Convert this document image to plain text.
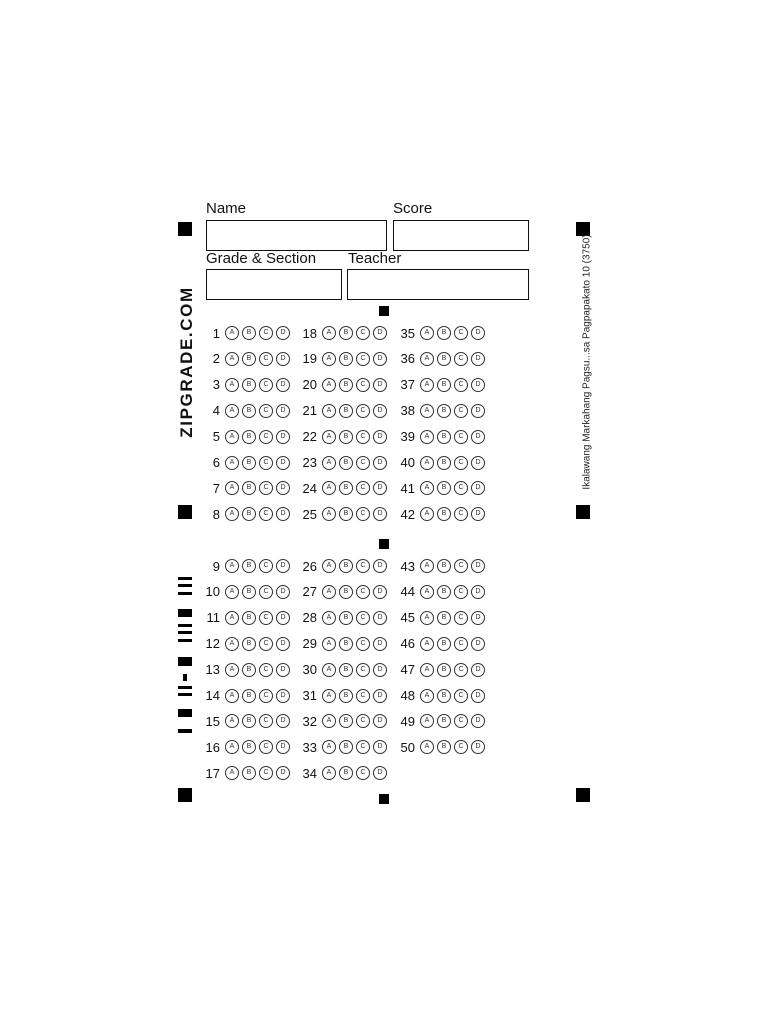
Name	Score
Grade & Section Teacher
ZIPGRADE.COM	Ikalawang Markahang Pagsu...sa Pagpapakato 10 (3750)
1	A	B	C	D
2	A	B	C	D
3	A	B	C	D
4	A	B	C	D
5	A	B	C	D
6	A	B	C	D
7	A	B	C	D
8	A	B	C	D
18	A	B	C	D
19	A	B	C	D
20	A	B	C	D
21	A	B	C	D
22	A	B	C	D
23	A	B	C	D
24	A	B	C	D
25	A	B	C	D
35	A	B	C	D
36	A	B	C	D
37	A	B	C	D
38	A	B	C	D
39	A	B	C	D
40	A	B	C	D
41	A	B	C	D
42	A	B	C	D
9	A	B	C	D
10	A	B	C	D
11	A	B	C	D
12	A	B	C	D
13	A	B	C	D
14	A	B	C	D
15	A	B	C	D
16	A	B	C	D
17	A	B	C	D
26	A	B	C	D
27	A	B	C	D
28	A	B	C	D
29	A	B	C	D
30	A	B	C	D
31	A	B	C	D
32	A	B	C	D
33	A	B	C	D
34	A	B	C	D
43	A	B	C	D
44	A	B	C	D
45	A	B	C	D
46	A	B	C	D
47	A	B	C	D
48	A	B	C	D
49	A	B	C	D
50	A	B	C	D
